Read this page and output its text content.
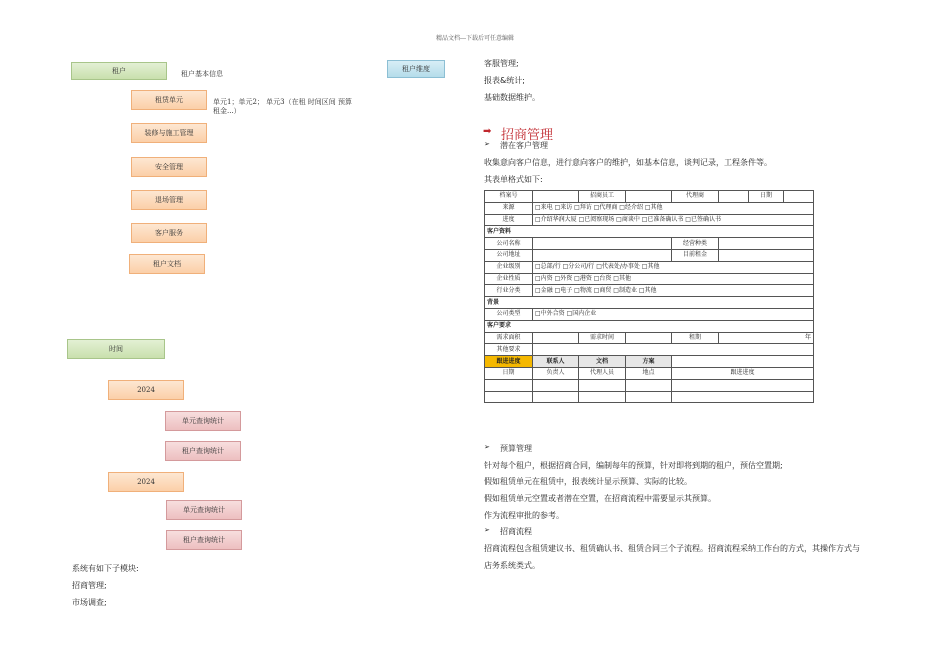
精品文档---下载后可任意编辑
租户	租户基本信息
租户维度
租赁单元	单元1；单元2； 单元3（在租 时间区间 预算
租金...）
装修与施工管理
安全管理
退场管理
客户服务
租户文档
时间
2024
单元查询统计
租户查询统计
2024
单元查询统计
租户查询统计
系统有如下子模块:
招商管理;
市场调查;
客服管理;
报表&统计;
基础数据维护。
➡ 招商管理
➢ 潜在客户管理
收集意向客户信息，进行意向客户的维护，如基本信息，谈判记录，工程条件等。
其表单格式如下:
档案号		招商员工		代理商		日期	
来源	□来电 □来访 □拜访 □代理商 □经介绍 □其他						
进度	□介绍华润大厦 □已阅察现场 □商谈中 □已准备确认书 □已签确认书						
客户资料							
公司名称				经营种类			
公司地址				目前租金			
企业级别	□总部/行 □分公司/行 □代表处/办事处 □其他						
企业性质	□内资 □外资 □港资 □台资 □其他						
行业分类	□金融 □电子 □物流 □商贸 □制造业 □其他						
背景							
公司类型	□中外合资 □国内企业						
客户要求							
需求面积		需求时间		租期	年		
其他要求							
跟进进度	联系人	文档	方案				
日期	负责人	代理人员	地点	跟进进度			

➢ 预算管理
针对每个租户，根据招商合同，编制每年的预算，针对即将到期的租户，预估空置期;
假如租赁单元在租赁中，报表统计显示预算、实际的比较。
假如租赁单元空置或者潜在空置，在招商流程中需要显示其预算。
作为流程审批的参考。
➢ 招商流程
招商流程包含租赁建议书、租赁确认书、租赁合同三个子流程。招商流程采纳工作台的方式，其操作方式与
店务系统类式。
